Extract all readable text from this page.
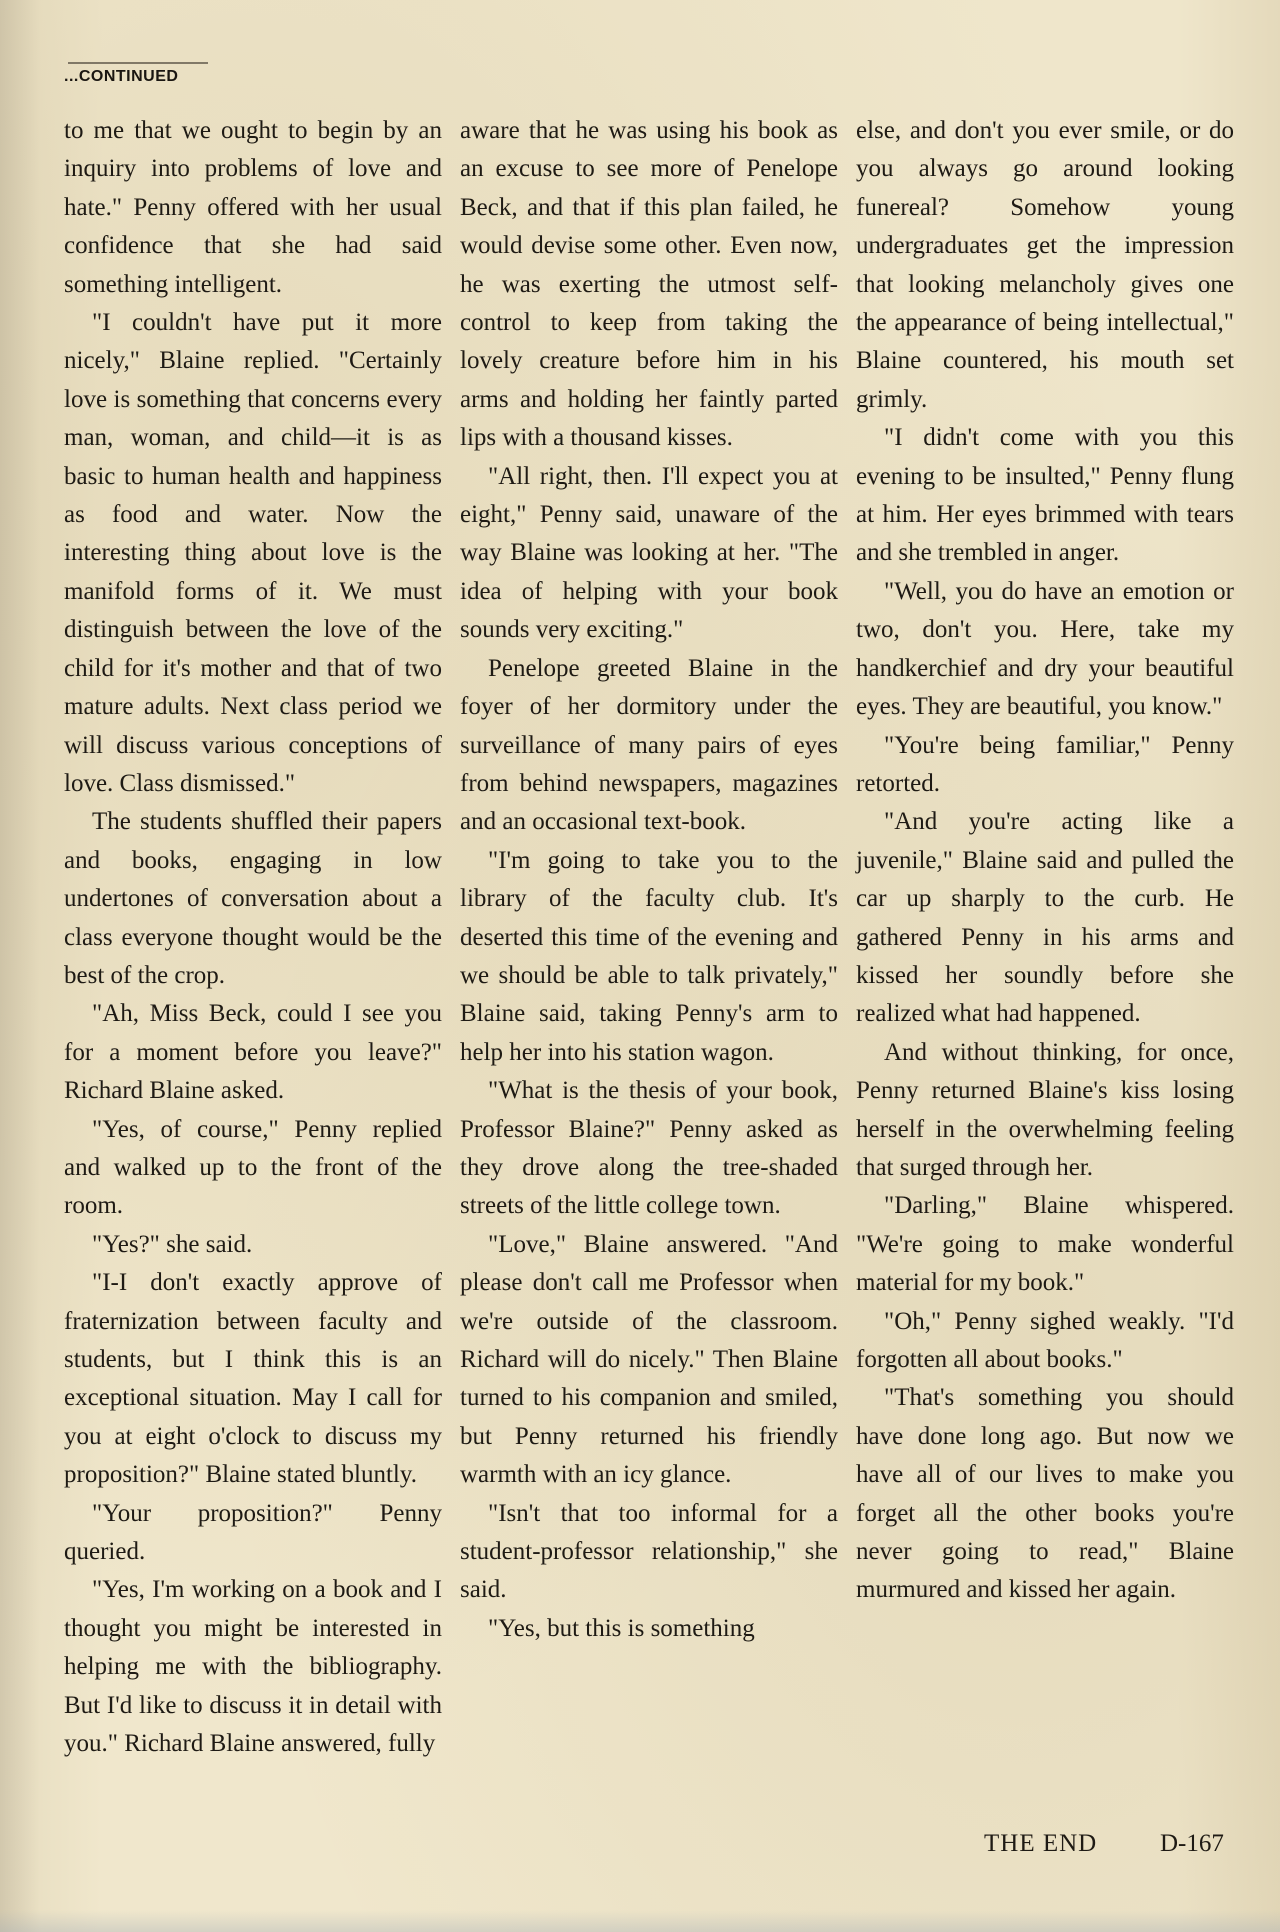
...CONTINUED

to me that we ought to begin by an inquiry into problems of love and hate." Penny offered with her usual confidence that she had said something intelligent.

"I couldn't have put it more nicely," Blaine replied. "Certainly love is something that concerns every man, woman, and child—it is as basic to human health and happiness as food and water. Now the interesting thing about love is the manifold forms of it. We must distinguish between the love of the child for it's mother and that of two mature adults. Next class period we will discuss various conceptions of love. Class dismissed."

The students shuffled their papers and books, engaging in low undertones of conversation about a class everyone thought would be the best of the crop.

"Ah, Miss Beck, could I see you for a moment before you leave?" Richard Blaine asked.

"Yes, of course," Penny replied and walked up to the front of the room.

"Yes?" she said.

"I-I don't exactly approve of fraternization between faculty and students, but I think this is an exceptional situation. May I call for you at eight o'clock to discuss my proposition?" Blaine stated bluntly.

"Your proposition?" Penny queried.

"Yes, I'm working on a book and I thought you might be interested in helping me with the bibliography. But I'd like to discuss it in detail with you." Richard Blaine answered, fully

aware that he was using his book as an excuse to see more of Penelope Beck, and that if this plan failed, he would devise some other. Even now, he was exerting the utmost self-control to keep from taking the lovely creature before him in his arms and holding her faintly parted lips with a thousand kisses.

"All right, then. I'll expect you at eight," Penny said, unaware of the way Blaine was looking at her. "The idea of helping with your book sounds very exciting."

Penelope greeted Blaine in the foyer of her dormitory under the surveillance of many pairs of eyes from behind newspapers, magazines and an occasional text-book.

"I'm going to take you to the library of the faculty club. It's deserted this time of the evening and we should be able to talk privately," Blaine said, taking Penny's arm to help her into his station wagon.

"What is the thesis of your book, Professor Blaine?" Penny asked as they drove along the tree-shaded streets of the little college town.

"Love," Blaine answered. "And please don't call me Professor when we're outside of the classroom. Richard will do nicely." Then Blaine turned to his companion and smiled, but Penny returned his friendly warmth with an icy glance.

"Isn't that too informal for a student-professor relationship," she said.

"Yes, but this is something

else, and don't you ever smile, or do you always go around looking funereal? Somehow young undergraduates get the impression that looking melancholy gives one the appearance of being intellectual," Blaine countered, his mouth set grimly.

"I didn't come with you this evening to be insulted," Penny flung at him. Her eyes brimmed with tears and she trembled in anger.

"Well, you do have an emotion or two, don't you. Here, take my handkerchief and dry your beautiful eyes. They are beautiful, you know."

"You're being familiar," Penny retorted.

"And you're acting like a juvenile," Blaine said and pulled the car up sharply to the curb. He gathered Penny in his arms and kissed her soundly before she realized what had happened.

And without thinking, for once, Penny returned Blaine's kiss losing herself in the overwhelming feeling that surged through her.

"Darling," Blaine whispered. "We're going to make wonderful material for my book."

"Oh," Penny sighed weakly. "I'd forgotten all about books."

"That's something you should have done long ago. But now we have all of our lives to make you forget all the other books you're never going to read," Blaine murmured and kissed her again.

THE END	D-167
